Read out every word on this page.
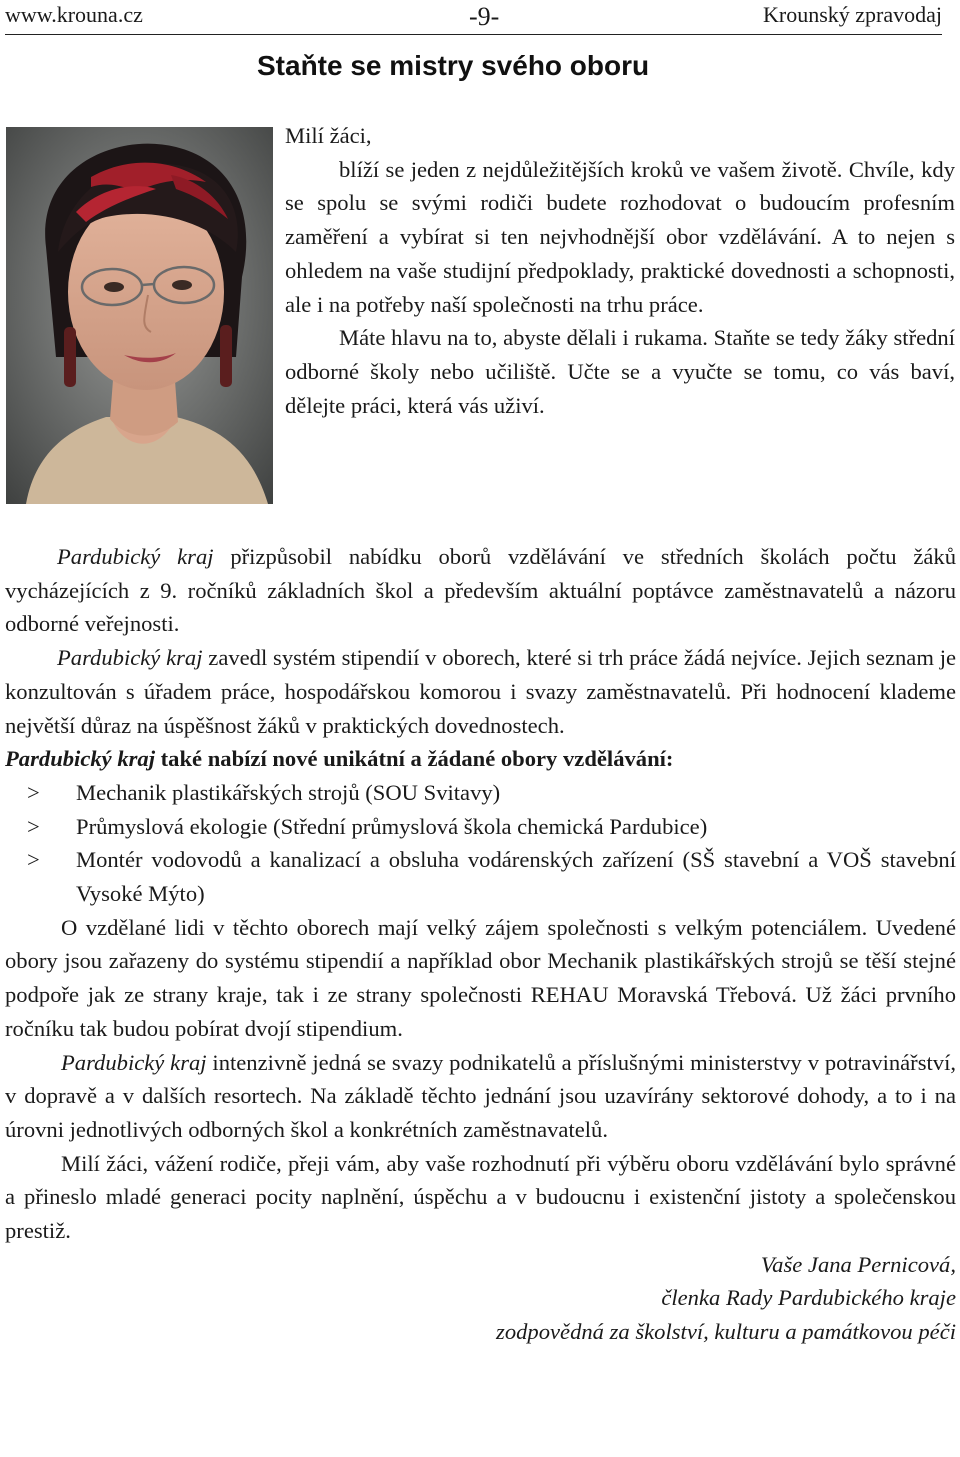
www.krouna.cz	-9-	Krounský zpravodaj
Staňte se mistry svého oboru

Milí žáci,

blíží se jeden z nejdůležitějších kroků ve vašem životě. Chvíle, kdy se spolu se svými rodiči budete rozhodovat o budoucím profesním zaměření a vybírat si ten nejvhodnější obor vzdělávání. A to nejen s ohledem na vaše studijní předpoklady, praktické dovednosti a schopnosti, ale i na potřeby naší společnosti na trhu práce.

Máte hlavu na to, abyste dělali i rukama. Staňte se tedy žáky střední odborné školy nebo učiliště. Učte se a vyučte se tomu, co vás baví, dělejte práci, která vás uživí.

Pardubický kraj přizpůsobil nabídku oborů vzdělávání ve středních školách počtu žáků vycházejících z 9. ročníků základních škol a především aktuální poptávce zaměstnavatelů a názoru odborné veřejnosti.

Pardubický kraj zavedl systém stipendií v oborech, které si trh práce žádá nejvíce. Jejich seznam je konzultován s úřadem práce, hospodářskou komorou i svazy zaměstnavatelů. Při hodnocení klademe největší důraz na úspěšnost žáků v praktických dovednostech.

Pardubický kraj také nabízí nové unikátní a žádané obory vzdělávání:

> Mechanik plastikářských strojů (SOU Svitavy)
> Průmyslová ekologie (Střední průmyslová škola chemická Pardubice)
> Montér vodovodů a kanalizací a obsluha vodárenských zařízení (SŠ stavební a VOŠ stavební Vysoké Mýto)

O vzdělané lidi v těchto oborech mají velký zájem společnosti s velkým potenciálem. Uvedené obory jsou zařazeny do systému stipendií a například obor Mechanik plastikářských strojů se těší stejné podpoře jak ze strany kraje, tak i ze strany společnosti REHAU Moravská Třebová. Už žáci prvního ročníku tak budou pobírat dvojí stipendium.

Pardubický kraj intenzivně jedná se svazy podnikatelů a příslušnými ministerstvy v potravinářství, v dopravě a v dalších resortech. Na základě těchto jednání jsou uzavírány sektorové dohody, a to i na úrovni jednotlivých odborných škol a konkrétních zaměstnavatelů.

Milí žáci, vážení rodiče, přeji vám, aby vaše rozhodnutí při výběru oboru vzdělávání bylo správné a přineslo mladé generaci pocity naplnění, úspěchu a v budoucnu i existenční jistoty a společenskou prestiž.

Vaše Jana Pernicová,
členka Rady Pardubického kraje
zodpovědná za školství, kulturu a památkovou péči
